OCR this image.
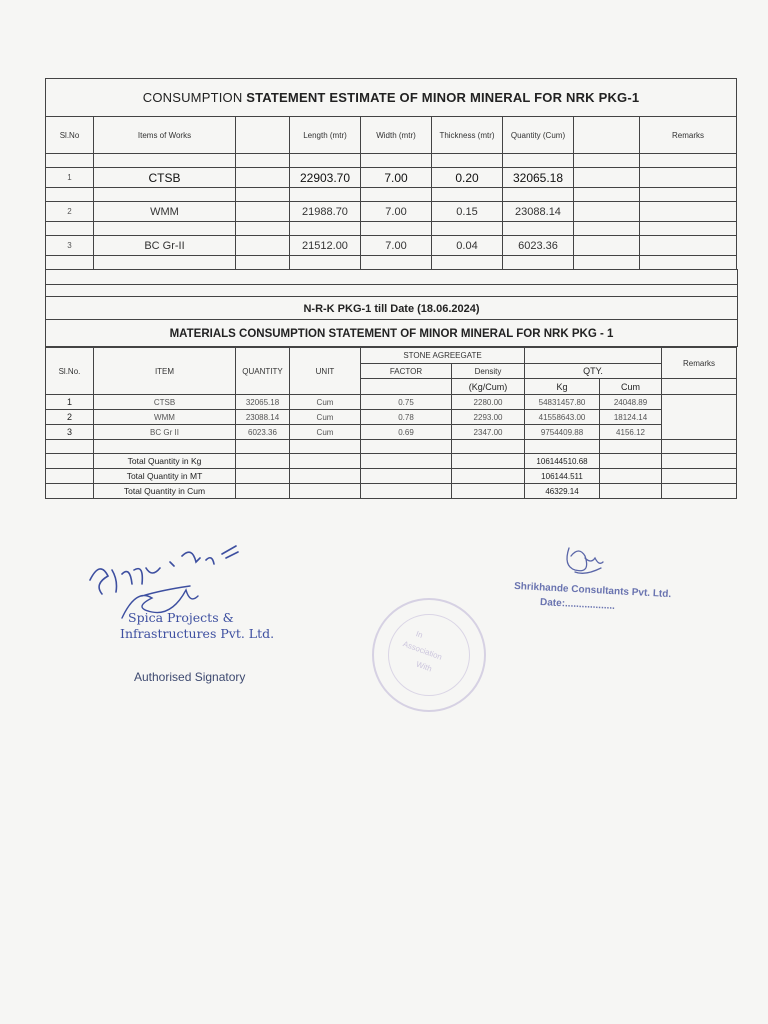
CONSUMPTION STATEMENT ESTIMATE OF MINOR MINERAL FOR NRK PKG-1								
Sl.No	Items of Works		Length (mtr)	Width (mtr)	Thickness (mtr)	Quantity (Cum)		Remarks

1	CTSB		22903.70	7.00	0.20	32065.18		

2	WMM		21988.70	7.00	0.15	23088.14		

3	BC Gr-II		21512.00	7.00	0.04	6023.36		

N-R-K PKG-1 till Date (18.06.2024)
MATERIALS CONSUMPTION STATEMENT OF MINOR MINERAL FOR NRK PKG - 1
Sl.No.	ITEM	QUANTITY	UNIT	STONE AGREEGATE				Remarks
				FACTOR	Density	QTY.		
					(Kg/Cum)	Kg	Cum	
1	CTSB	32065.18	Cum	0.75	2280.00	54831457.80	24048.89	
2	WMM	23088.14	Cum	0.78	2293.00	41558643.00	18124.14	
3	BC Gr II	6023.36	Cum	0.69	2347.00	9754409.88	4156.12	

	Total Quantity in Kg					106144510.68		
	Total Quantity in MT					106144.511		
	Total Quantity in Cum					46329.14		
Spica Projects &
Infrastructures Pvt. Ltd.
Authorised Signatory
In
Association
With
Shrikhande Consultants Pvt. Ltd.
Date:..................
